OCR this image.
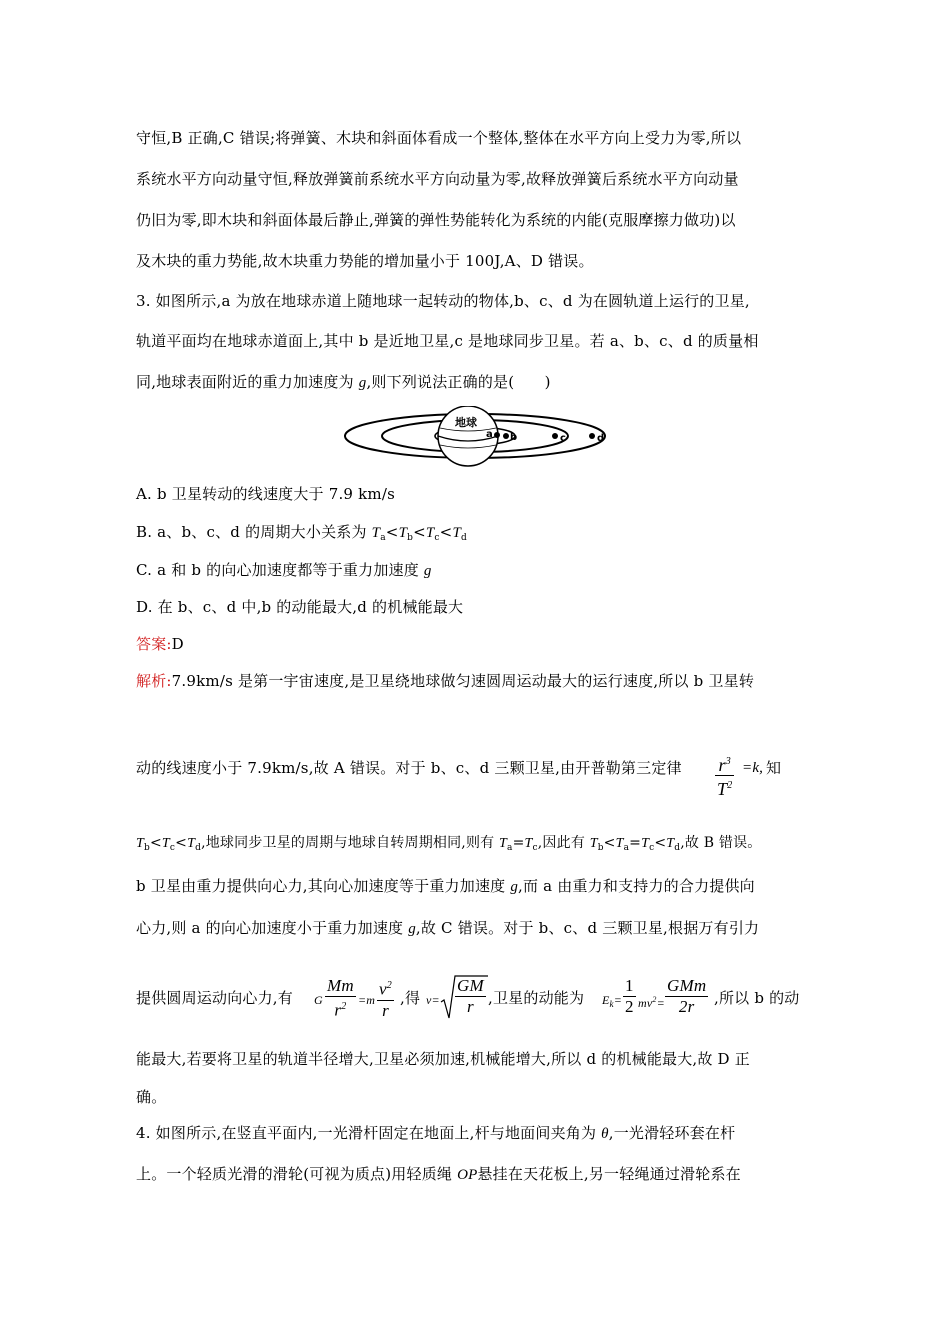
守恒,B 正确,C 错误;将弹簧、木块和斜面体看成一个整体,整体在水平方向上受力为零,所以
系统水平方向动量守恒,释放弹簧前系统水平方向动量为零,故释放弹簧后系统水平方向动量
仍旧为零,即木块和斜面体最后静止,弹簧的弹性势能转化为系统的内能(克服摩擦力做功)以
及木块的重力势能,故木块重力势能的增加量小于 100J,A、D 错误。
3. 如图所示,a 为放在地球赤道上随地球一起转动的物体,b、c、d 为在圆轨道上运行的卫星,
轨道平面均在地球赤道面上,其中 b 是近地卫星,c 是地球同步卫星。若 a、b、c、d 的质量相
同,地球表面附近的重力加速度为 g,则下列说法正确的是(　　)
地球
a b	c	d
A. b 卫星转动的线速度大于 7.9 km/s
B. a、b、c、d 的周期大小关系为 $T_a<T_b<T_c<T_d$
C. a 和 b 的向心加速度都等于重力加速度 g
D. 在 b、c、d 中,b 的动能最大,d 的机械能最大
答案:D
解析:7.9km/s 是第一宇宙速度,是卫星绕地球做匀速圆周运动最大的运行速度,所以 b 卫星转
动的线速度小于 7.9km/s,故 A 错误。对于 b、c、d 三颗卫星,由开普勒第三定律 $\frac{r^3}{T^2} =k$, 知
$T_b<T_c<T_d$,地球同步卫星的周期与地球自转周期相同,则有 $T_a=T_c$,因此有 $T_b<T_a=T_c<T_d$,故 B 错误。
b 卫星由重力提供向心力,其向心加速度等于重力加速度 g,而 a 由重力和支持力的合力提供向
心力,则 a 的向心加速度小于重力加速度 g,故 C 错误。对于 b、c、d 三颗卫星,根据万有引力
提供圆周运动向心力,有 G $\frac{Mm}{r^2} =m \frac{v^2}{r}$ ,得 $v= \frac{GM}{r}$ ,卫星的动能为 $E_k= \frac{1}{2} mv^2=$
GMm
2r	,所以 b 的动
能最大,若要将卫星的轨道半径增大,卫星必须加速,机械能增大,所以 d 的机械能最大,故 D 正
确。
4. 如图所示,在竖直平面内,一光滑杆固定在地面上,杆与地面间夹角为 θ,一光滑轻环套在杆
上。一个轻质光滑的滑轮(可视为质点)用轻质绳 OP悬挂在天花板上,另一轻绳通过滑轮系在
